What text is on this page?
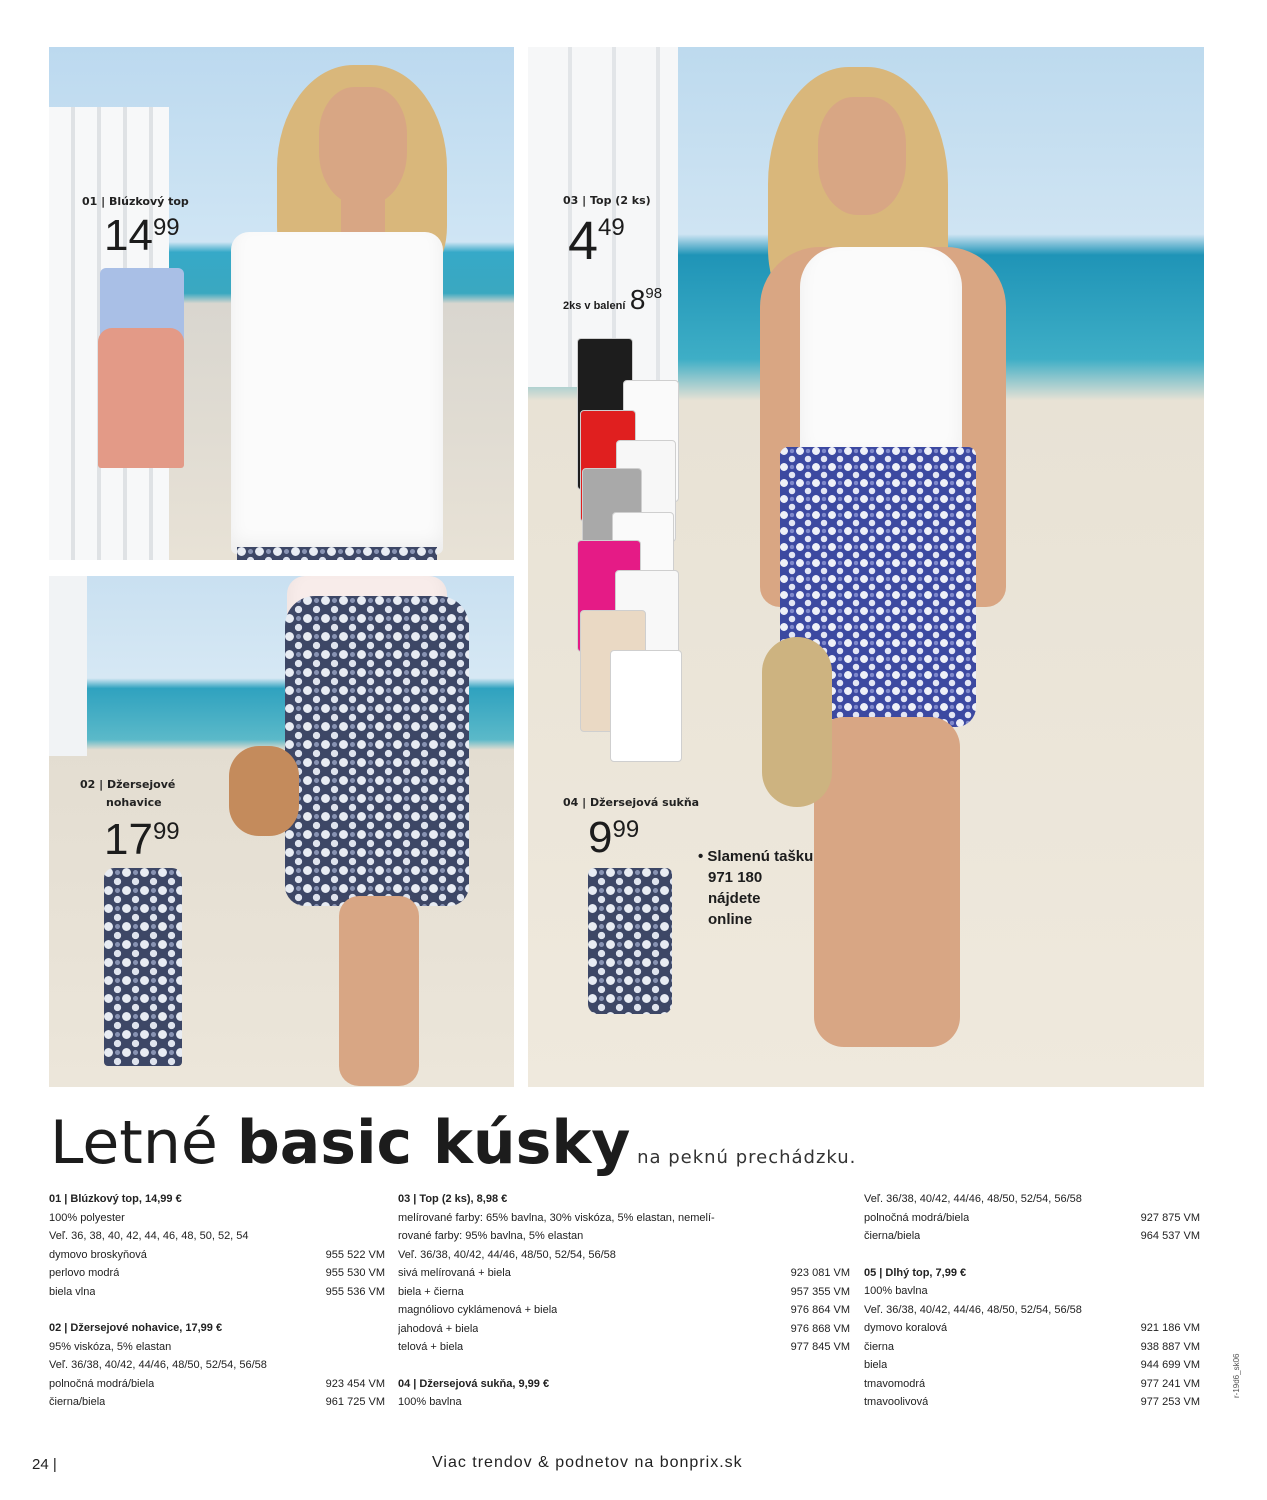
01 | Blúzkový top
1499
02 | Džersejové
nohavice
1799
03 | Top (2 ks)
449
2ks v balení 898
04 | Džersejová sukňa
999
• Slamenú tašku
971 180
nájdete
online
Letné basic kúsky na peknú prechádzku.
01 | Blúzkový top, 14,99 €
100% polyester
Veľ. 36, 38, 40, 42, 44, 46, 48, 50, 52, 54
dymovo broskyňová	955 522 VM
perlovo modrá	955 530 VM
biela vlna	955 536 VM
02 | Džersejové nohavice, 17,99 €
95% viskóza, 5% elastan
Veľ. 36/38, 40/42, 44/46, 48/50, 52/54, 56/58
polnočná modrá/biela	923 454 VM
čierna/biela	961 725 VM
03 | Top (2 ks), 8,98 €
melírované farby: 65% bavlna, 30% viskóza, 5% elastan, nemelí-
rované farby: 95% bavlna, 5% elastan
Veľ. 36/38, 40/42, 44/46, 48/50, 52/54, 56/58
sivá melírovaná + biela	923 081 VM
biela + čierna	957 355 VM
magnóliovo cyklámenová + biela	976 864 VM
jahodová + biela	976 868 VM
telová + biela	977 845 VM
04 | Džersejová sukňa, 9,99 €
100% bavlna
Veľ. 36/38, 40/42, 44/46, 48/50, 52/54, 56/58
polnočná modrá/biela	927 875 VM
čierna/biela	964 537 VM
05 | Dlhý top, 7,99 €
100% bavlna
Veľ. 36/38, 40/42, 44/46, 48/50, 52/54, 56/58
dymovo koralová	921 186 VM
čierna	938 887 VM
biela	944 699 VM
tmavomodrá	977 241 VM
tmavoolivová	977 253 VM
24 |	Viac trendov & podnetov na bonprix.sk
r-19d6_sk06
